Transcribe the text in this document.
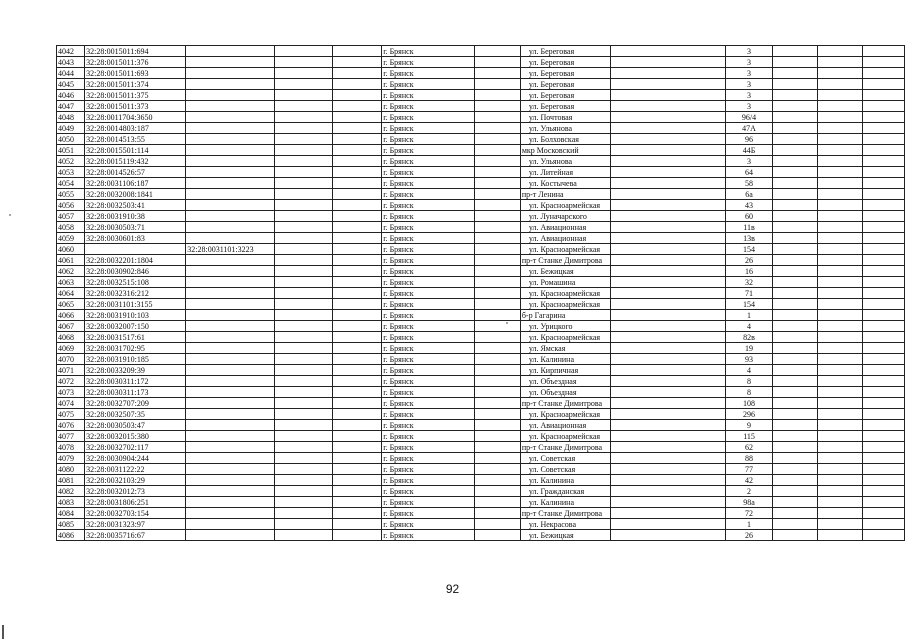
4042	32:28:0015011:694				г. Брянск		ул. Береговая		3			
4043	32:28:0015011:376				г. Брянск		ул. Береговая		3			
4044	32:28:0015011:693				г. Брянск		ул. Береговая		3			
4045	32:28:0015011:374				г. Брянск		ул. Береговая		3			
4046	32:28:0015011:375				г. Брянск		ул. Береговая		3			
4047	32:28:0015011:373				г. Брянск		ул. Береговая		3			
4048	32:28:0011704:3650				г. Брянск		ул. Почтовая		96/4			
4049	32:28:0014803:187				г. Брянск		ул. Ульянова		47А			
4050	32:28:0014513:55				г. Брянск		ул. Болховская		96			
4051	32:28:0015501:114				г. Брянск		мкр Московский		44Б			
4052	32:28:0015119:432				г. Брянск		ул. Ульянова		3			
4053	32:28:0014526:57				г. Брянск		ул. Литейная		64			
4054	32:28:0031106:187				г. Брянск		ул. Костычева		58			
4055	32:28:0032008:1841				г. Брянск		пр-т Ленина		6а			
4056	32:28:0032503:41				г. Брянск		ул. Красноармейская		43			
4057	32:28:0031910:38				г. Брянск		ул. Луначарского		60			
4058	32:28:0030503:71				г. Брянск		ул. Авиационная		11в			
4059	32:28:0030601:83				г. Брянск		ул. Авиационная		13в			
4060		32:28:0031101:3223			г. Брянск		ул. Красноармейская		154			
4061	32:28:0032201:1804				г. Брянск		пр-т Станке Димитрова		26			
4062	32:28:0030902:846				г. Брянск		ул. Бежицкая		16			
4063	32:28:0032515:108				г. Брянск		ул. Ромашина		32			
4064	32:28:0032316:212				г. Брянск		ул. Красноармейская		71			
4065	32:28:0031101:3155				г. Брянск		ул. Красноармейская		154			
4066	32:28:0031910:103				г. Брянск		б-р Гагарина		1			
4067	32:28:0032007:150				г. Брянск		ул. Урицкого		4			
4068	32:28:0031517:61				г. Брянск		ул. Красноармейская		82в			
4069	32:28:0031702:95				г. Брянск		ул. Ямская		19			
4070	32:28:0031910:185				г. Брянск		ул. Калинина		93			
4071	32:28:0033209:39				г. Брянск		ул. Кирпичная		4			
4072	32:28:0030311:172				г. Брянск		ул. Объездная		8			
4073	32:28:0030311:173				г. Брянск		ул. Объездная		8			
4074	32:28:0032707:209				г. Брянск		пр-т Станке Димитрова		108			
4075	32:28:0032507:35				г. Брянск		ул. Красноармейская		296			
4076	32:28:0030503:47				г. Брянск		ул. Авиационная		9			
4077	32:28:0032015:380				г. Брянск		ул. Красноармейская		115			
4078	32:28:0032702:117				г. Брянск		пр-т Станке Димитрова		62			
4079	32:28:0030904:244				г. Брянск		ул. Советская		88			
4080	32:28:0031122:22				г. Брянск		ул. Советская		77			
4081	32:28:0032103:29				г. Брянск		ул. Калинина		42			
4082	32:28:0032012:73				г. Брянск		ул. Гражданская		2			
4083	32:28:0031806:251				г. Брянск		ул. Калинина		98а			
4084	32:28:0032703:154				г. Брянск		пр-т Станке Димитрова		72			
4085	32:28:0031323:97				г. Брянск		ул. Некрасова		1			
4086	32:28:0035716:67				г. Брянск		ул. Бежицкая		26			
92
